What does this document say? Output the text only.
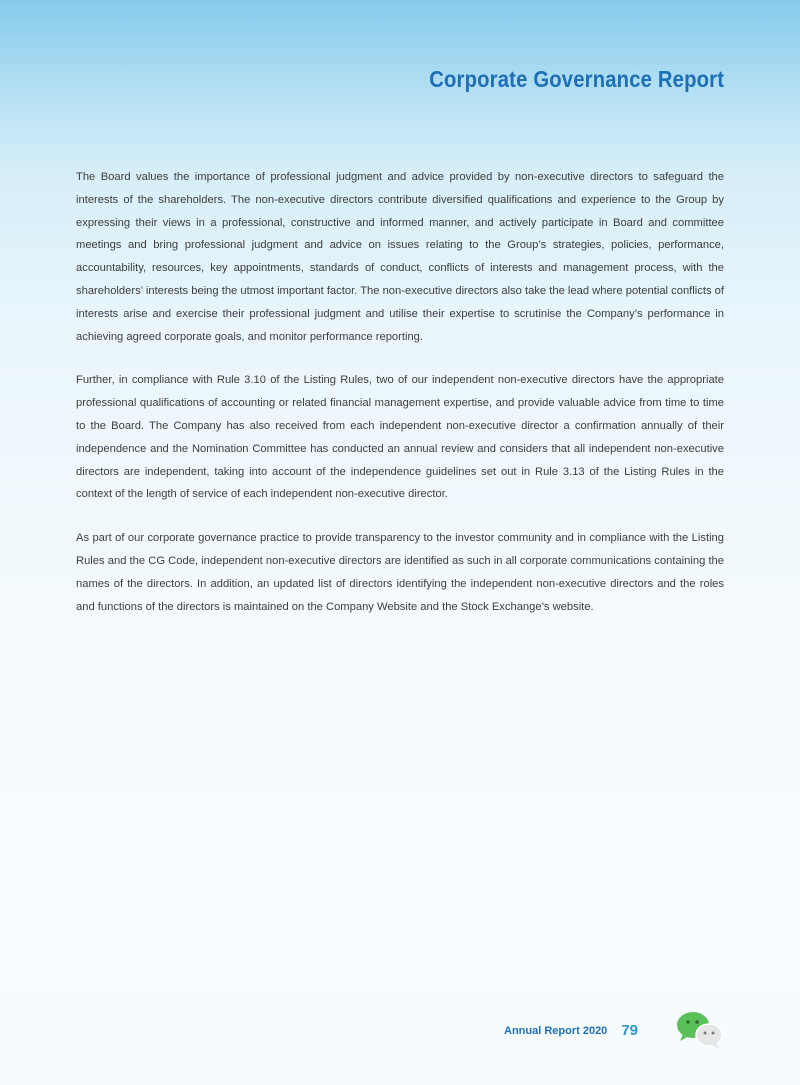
Corporate Governance Report

The Board values the importance of professional judgment and advice provided by non-executive directors to safeguard the interests of the shareholders. The non-executive directors contribute diversified qualifications and experience to the Group by expressing their views in a professional, constructive and informed manner, and actively participate in Board and committee meetings and bring professional judgment and advice on issues relating to the Group’s strategies, policies, performance, accountability, resources, key appointments, standards of conduct, conflicts of interests and management process, with the shareholders’ interests being the utmost important factor. The non-executive directors also take the lead where potential conflicts of interests arise and exercise their professional judgment and utilise their expertise to scrutinise the Company’s performance in achieving agreed corporate goals, and monitor performance reporting.

Further, in compliance with Rule 3.10 of the Listing Rules, two of our independent non-executive directors have the appropriate professional qualifications of accounting or related financial management expertise, and provide valuable advice from time to time to the Board. The Company has also received from each independent non-executive director a confirmation annually of their independence and the Nomination Committee has conducted an annual review and considers that all independent non-executive directors are independent, taking into account of the independence guidelines set out in Rule 3.13 of the Listing Rules in the context of the length of service of each independent non-executive director.

As part of our corporate governance practice to provide transparency to the investor community and in compliance with the Listing Rules and the CG Code, independent non-executive directors are identified as such in all corporate communications containing the names of the directors. In addition, an updated list of directors identifying the independent non-executive directors and the roles and functions of the directors is maintained on the Company Website and the Stock Exchange’s website.

Annual Report 2020 79
